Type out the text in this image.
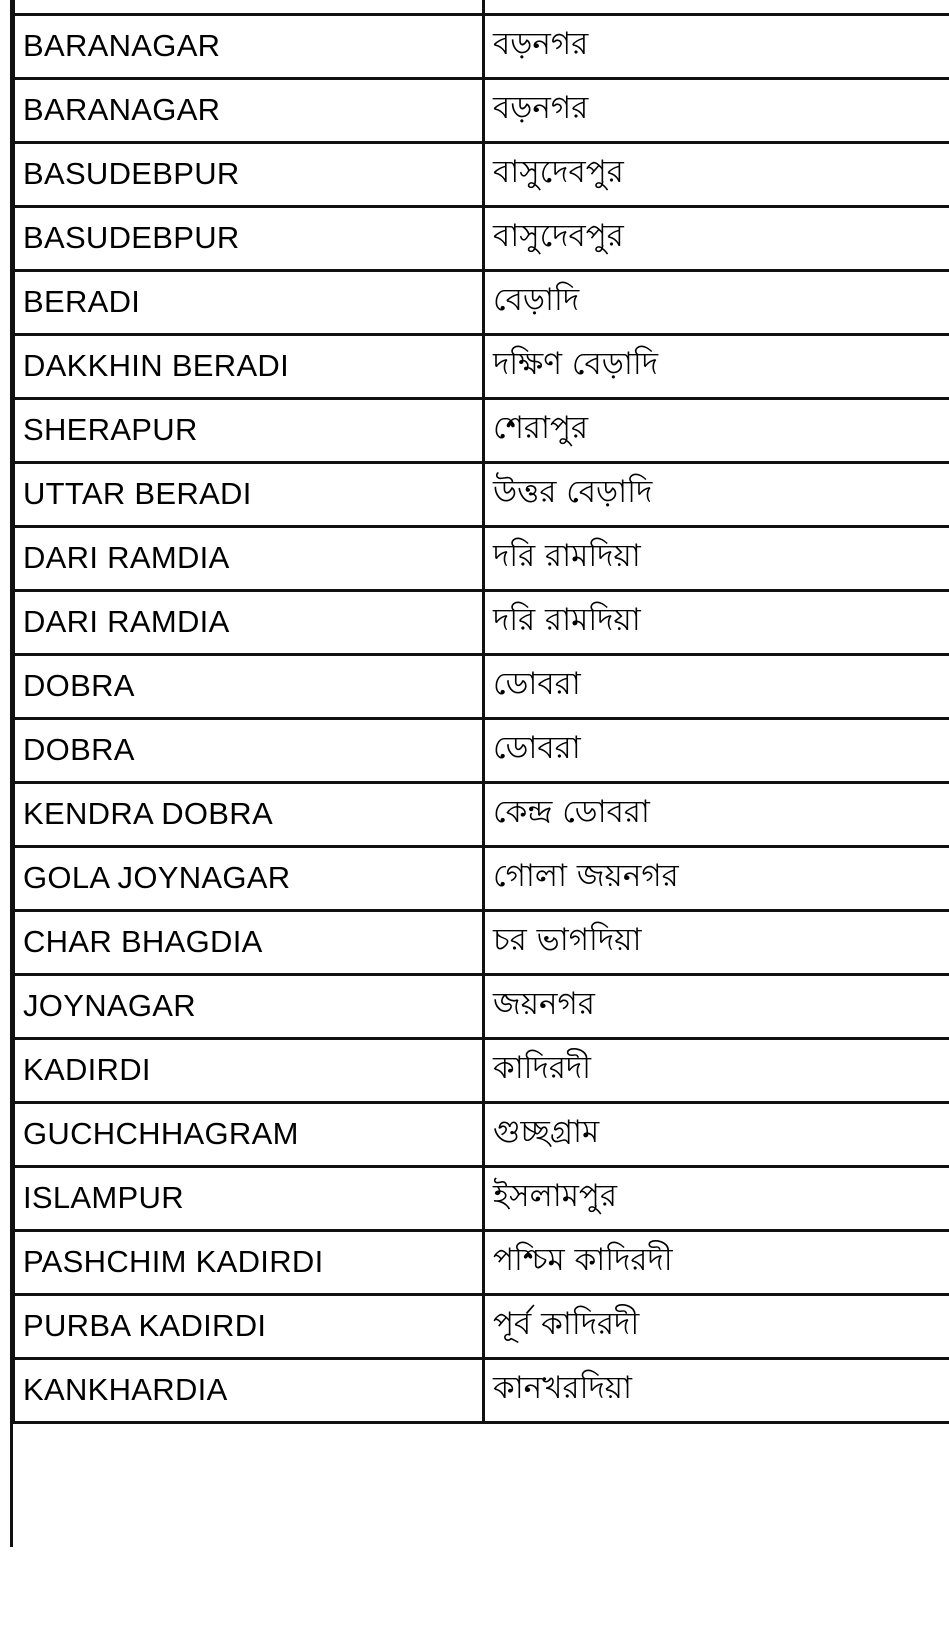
BARANAGAR	বড়নগর
BARANAGAR	বড়নগর
BASUDEBPUR	বাসুদেবপুর
BASUDEBPUR	বাসুদেবপুর
BERADI	বেড়াদি
DAKKHIN BERADI	দক্ষিণ বেড়াদি
SHERAPUR	শেরাপুর
UTTAR BERADI	উত্তর বেড়াদি
DARI RAMDIA	দরি রামদিয়া
DARI RAMDIA	দরি রামদিয়া
DOBRA	ডোবরা
DOBRA	ডোবরা
KENDRA DOBRA	কেন্দ্র ডোবরা
GOLA JOYNAGAR	গোলা জয়নগর
CHAR BHAGDIA	চর ভাগদিয়া
JOYNAGAR	জয়নগর
KADIRDI	কাদিরদী
GUCHCHHAGRAM	গুচ্ছগ্রাম
ISLAMPUR	ইসলামপুর
PASHCHIM KADIRDI	পশ্চিম কাদিরদী
PURBA KADIRDI	পূর্ব কাদিরদী
KANKHARDIA	কানখরদিয়া
